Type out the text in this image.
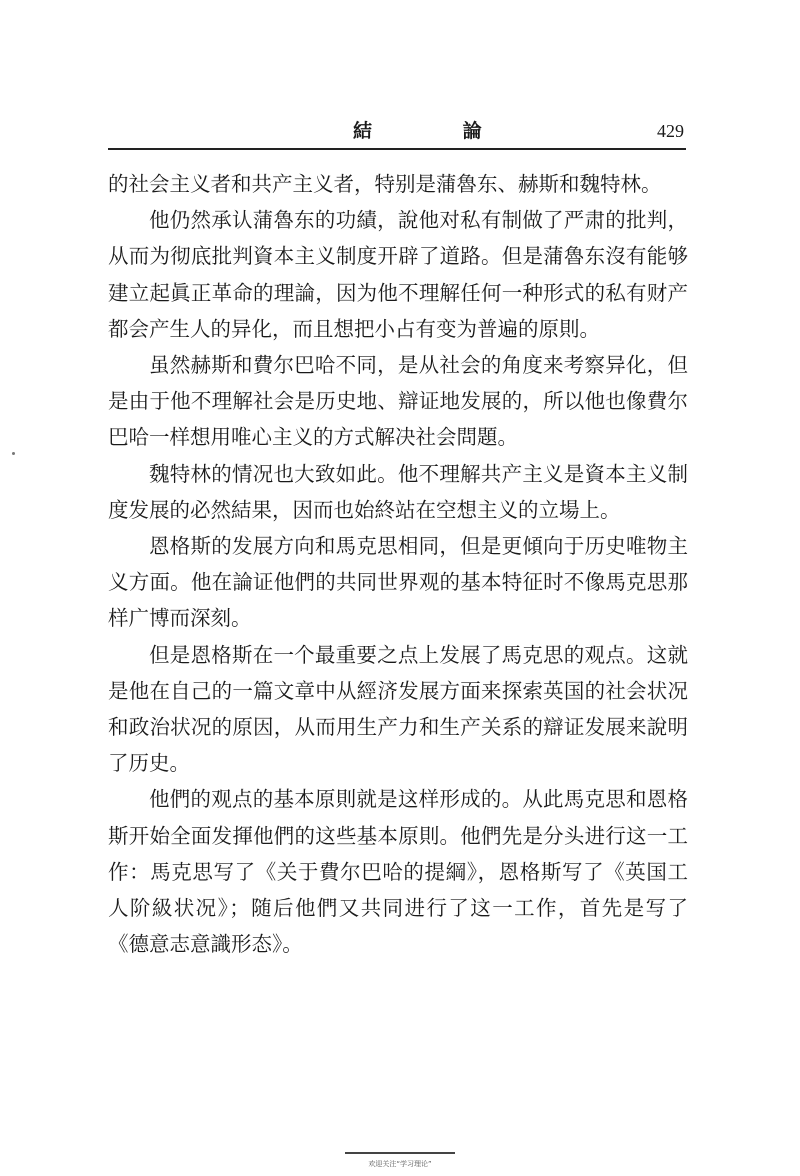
結 論	429

的社会主义者和共产主义者，特别是蒲魯东、赫斯和魏特林。

他仍然承认蒲魯东的功績，說他对私有制做了严肃的批判，从而为彻底批判資本主义制度开辟了道路。但是蒲魯东沒有能够建立起眞正革命的理論，因为他不理解任何一种形式的私有财产都会产生人的异化，而且想把小占有变为普遍的原則。

虽然赫斯和費尔巴哈不同，是从社会的角度来考察异化，但是由于他不理解社会是历史地、辯证地发展的，所以他也像費尔巴哈一样想用唯心主义的方式解决社会問題。

魏特林的情况也大致如此。他不理解共产主义是資本主义制度发展的必然結果，因而也始終站在空想主义的立場上。

恩格斯的发展方向和馬克思相同，但是更傾向于历史唯物主义方面。他在論证他們的共同世界观的基本特征时不像馬克思那样广博而深刻。

但是恩格斯在一个最重要之点上发展了馬克思的观点。这就是他在自己的一篇文章中从經济发展方面来探索英国的社会状况和政治状况的原因，从而用生产力和生产关系的辯证发展来說明了历史。

他們的观点的基本原則就是这样形成的。从此馬克思和恩格斯开始全面发揮他們的这些基本原則。他們先是分头进行这一工作：馬克思写了《关于費尔巴哈的提綱》，恩格斯写了《英国工人阶級状况》；随后他們又共同进行了这一工作，首先是写了《德意志意識形态》。

欢迎关注“学习理论”
